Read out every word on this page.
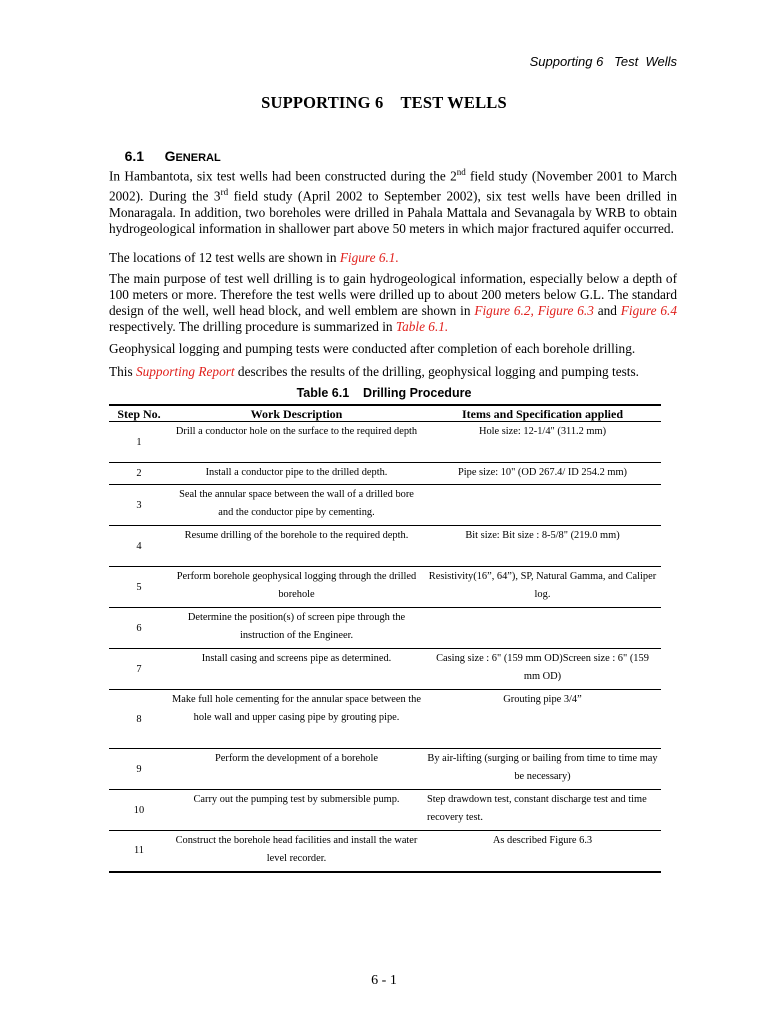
Supporting 6   Test  Wells
SUPPORTING 6    TEST WELLS

6.1 GENERAL

In Hambantota, six test wells had been constructed during the 2nd field study (November 2001 to March 2002). During the 3rd field study (April 2002 to September 2002), six test wells have been drilled in Monaragala. In addition, two boreholes were drilled in Pahala Mattala and Sevanagala by WRB to obtain hydrogeological information in shallower part above 50 meters in which major fractured aquifer occurred.

The locations of 12 test wells are shown in Figure 6.1.

The main purpose of test well drilling is to gain hydrogeological information, especially below a depth of 100 meters or more. Therefore the test wells were drilled up to about 200 meters below G.L. The standard design of the well, well head block, and well emblem are shown in Figure 6.2, Figure 6.3 and Figure 6.4 respectively. The drilling procedure is summarized in Table 6.1.

Geophysical logging and pumping tests were conducted after completion of each borehole drilling.

This Supporting Report describes the results of the drilling, geophysical logging and pumping tests.

Table 6.1    Drilling Procedure
Step No.	Work Description	Items and Specification applied
1	Drill a conductor hole on the surface to the required depth	Hole size: 12-1/4" (311.2 mm)
2	Install a conductor pipe to the drilled depth.	Pipe size: 10" (OD 267.4/ ID 254.2 mm)
3	Seal the annular space between the wall of a drilled bore and the conductor pipe by cementing.	
4	Resume drilling of the borehole to the required depth.	Bit size: Bit size : 8-5/8" (219.0 mm)
5	Perform borehole geophysical logging through the drilled borehole	Resistivity(16”, 64”), SP, Natural Gamma, and Caliper log.
6	Determine the position(s) of screen pipe through the instruction of the Engineer.	
7	Install casing and screens pipe as determined.	Casing size : 6" (159 mm OD)Screen size : 6" (159 mm OD)
8	Make full hole cementing for the annular space between the hole wall and upper casing pipe by grouting pipe.	Grouting pipe 3/4”
9	Perform the development of a borehole	By air-lifting (surging or bailing from time to time may be necessary)
10	Carry out the pumping test by submersible pump.	Step drawdown test, constant discharge test and time recovery test.
11	Construct the borehole head facilities and install the water level recorder.	As described Figure 6.3
6 - 1
